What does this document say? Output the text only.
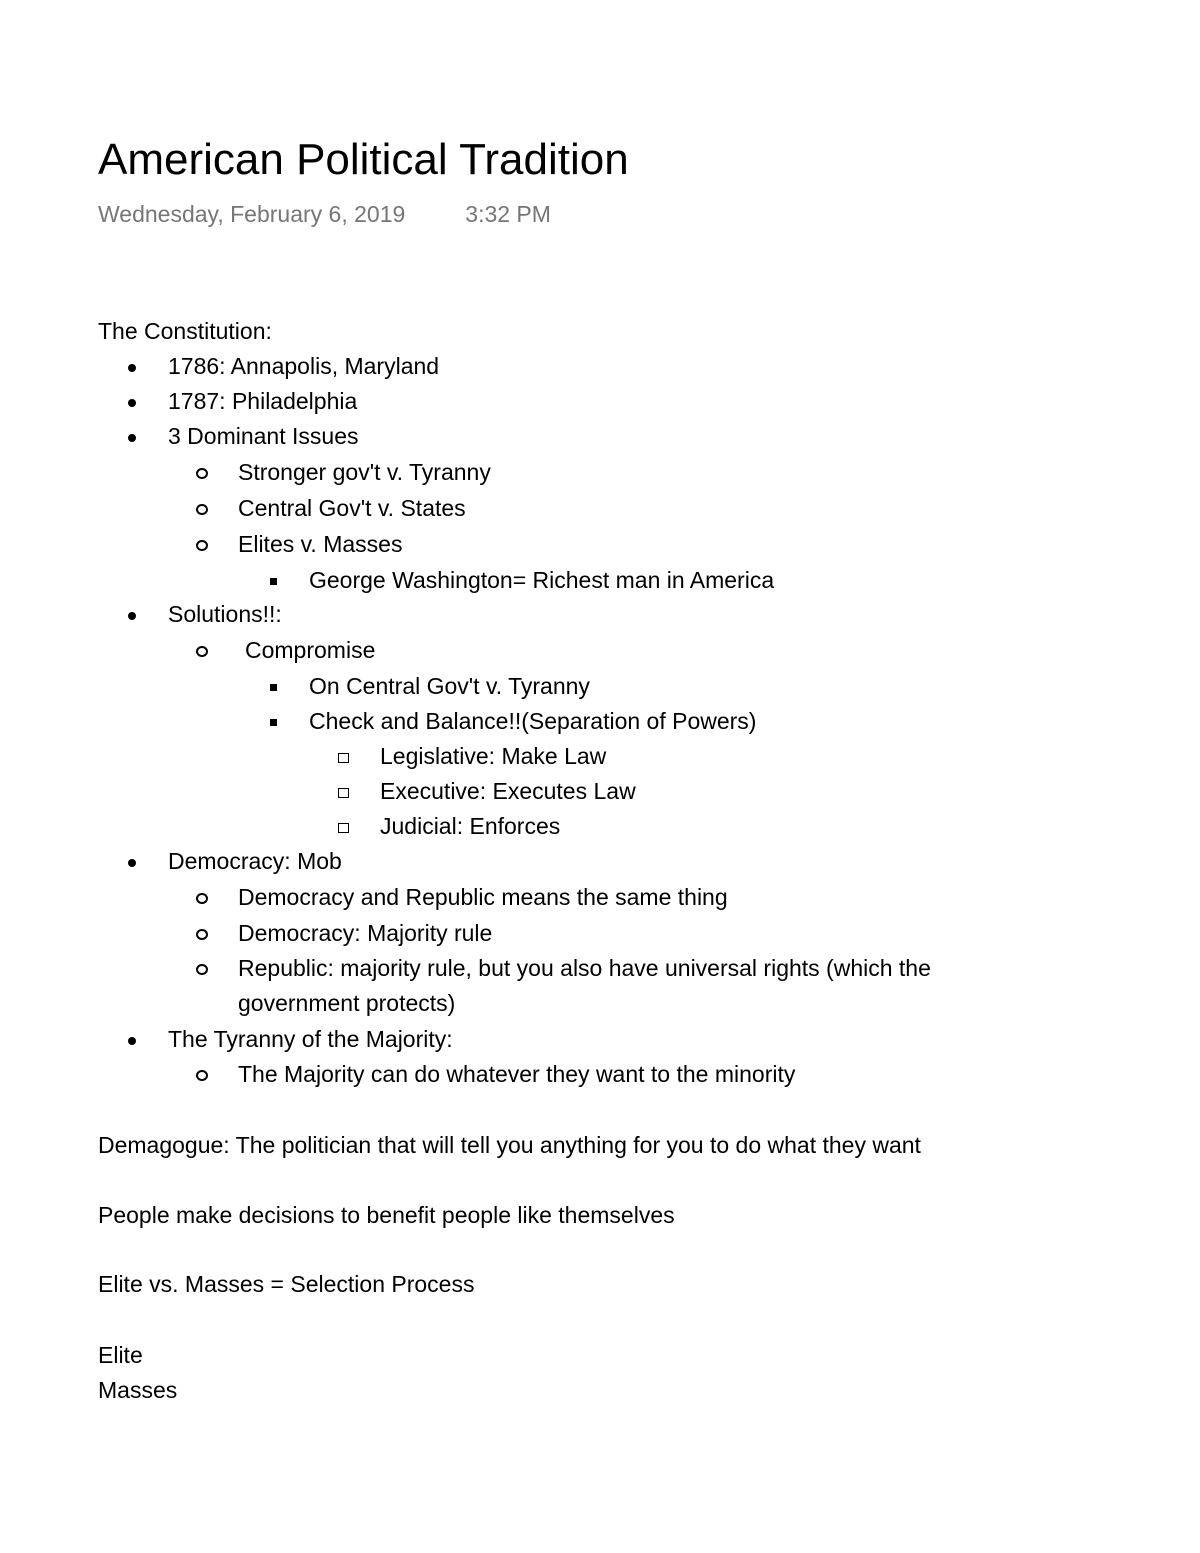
American Political Tradition
Wednesday, February 6, 2019	3:32 PM
The Constitution:
1786: Annapolis, Maryland
1787: Philadelphia
3 Dominant Issues
Stronger gov't v. Tyranny
Central Gov't v. States
Elites v. Masses
George Washington= Richest man in America
Solutions!!:
Compromise
On Central Gov't v. Tyranny
Check and Balance!!(Separation of Powers)
Legislative: Make Law
Executive: Executes Law
Judicial: Enforces
Democracy: Mob
Democracy and Republic means the same thing
Democracy: Majority rule
Republic: majority rule, but you also have universal rights (which the
government protects)
The Tyranny of the Majority:
The Majority can do whatever they want to the minority
Demagogue: The politician that will tell you anything for you to do what they want
People make decisions to benefit people like themselves
Elite vs. Masses = Selection Process
Elite
Masses
